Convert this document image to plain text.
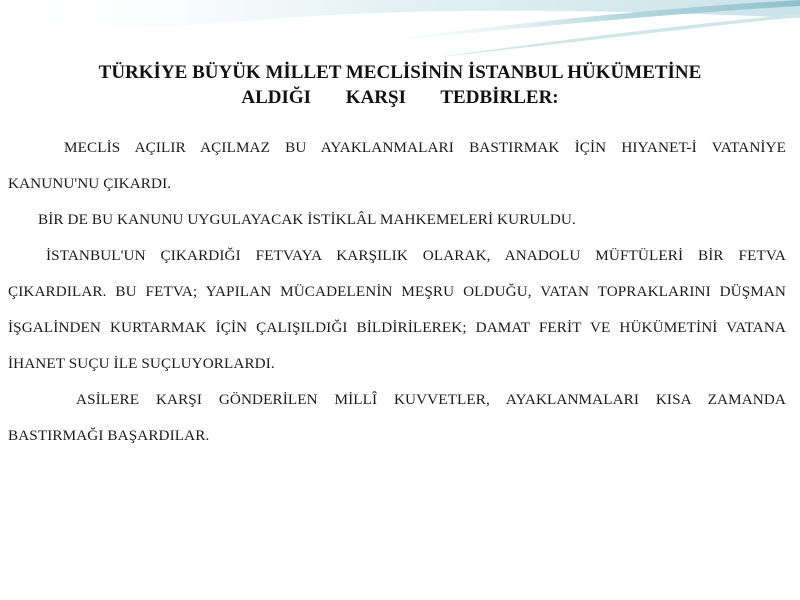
TÜRKİYE BÜYÜK MİLLET MECLİSİNİN İSTANBUL HÜKÜMETİNE
ALDIĞI KARŞI TEDBİRLER:

MECLİS AÇILIR AÇILMAZ BU AYAKLANMALARI BASTIRMAK İÇİN HIYANET-İ VATANİYE KANUNU'NU ÇIKARDI.

BİR DE BU KANUNU UYGULAYACAK İSTİKLÂL MAHKEMELERİ KURULDU.

İSTANBUL'UN ÇIKARDIĞI FETVAYA KARŞILIK OLARAK, ANADOLU MÜFTÜLERİ BİR FETVA ÇIKARDILAR. BU FETVA; YAPILAN MÜCADELENİN MEŞRU OLDUĞU, VATAN TOPRAKLARINI DÜŞMAN İŞGALİNDEN KURTARMAK İÇİN ÇALIŞILDIĞI BİLDİRİLEREK; DAMAT FERİT VE HÜKÜMETİNİ VATANA İHANET SUÇU İLE SUÇLUYORLARDI.

ASİLERE KARŞI GÖNDERİLEN MİLLÎ KUVVETLER, AYAKLANMALARI KISA ZAMANDA BASTIRMAĞI BAŞARDILAR.
